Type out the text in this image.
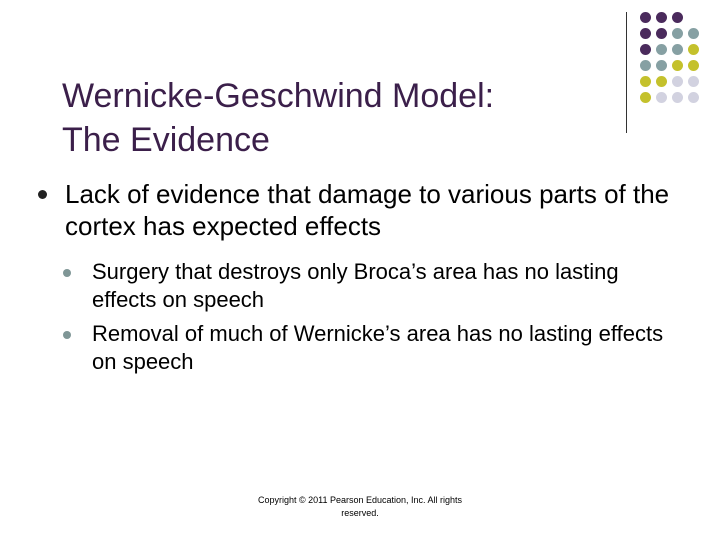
Wernicke-Geschwind Model:
The Evidence
Lack of evidence that damage to various parts of the cortex has expected effects
Surgery that destroys only Broca’s area has no lasting effects on speech
Removal of much of Wernicke’s area has no lasting effects on speech
Copyright © 2011 Pearson Education, Inc. All rights reserved.
